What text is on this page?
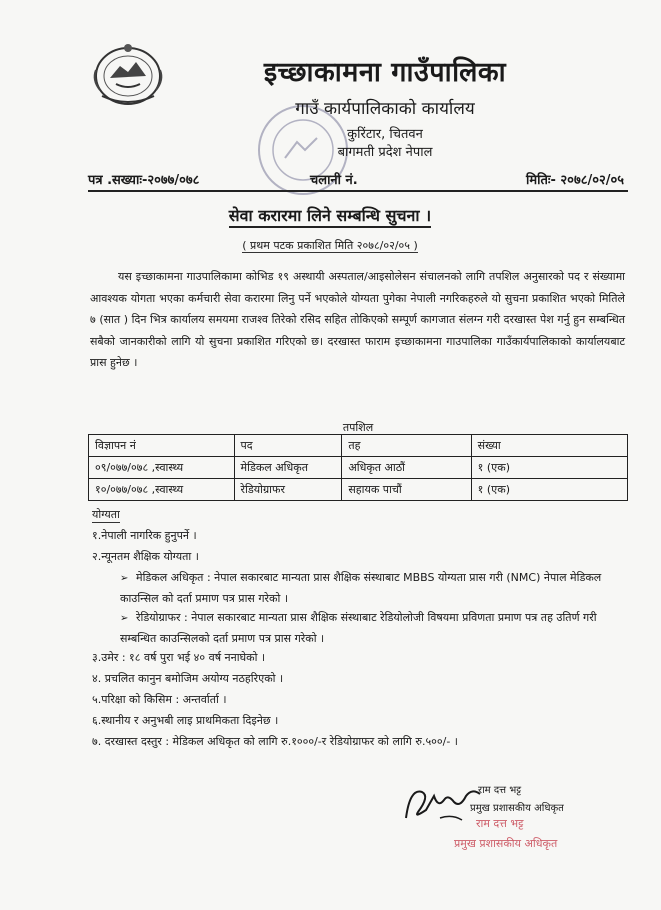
इच्छाकामना गाउँपालिका
गाउँ कार्यपालिकाको कार्यालय
कुरिंटार, चितवन
बागमती प्रदेश नेपाल
पत्र .सख्याः-२०७७/०७८	चलानी नं.	मितिः- २०७८/०२/०५
सेवा करारमा लिने सम्बन्धि सुचना ।
( प्रथम पटक प्रकाशित मिति २०७८/०२/०५ )
यस इच्छाकामना गाउपालिकामा कोभिड १९ अस्थायी अस्पताल/आइसोलेसन संचालनको लागि तपशिल अनुसारको पद र संख्यामा आवश्यक योगता भएका कर्मचारी सेवा करारमा लिनु पर्ने भएकोले योग्यता पुगेका नेपाली नगरिकहरुले यो सुचना प्रकाशित भएको मितिले ७ (सात ) दिन भित्र कार्यालय समयमा राजश्व तिरेको रसिद सहित तोकिएको सम्पूर्ण कागजात संलग्न गरी दरखास्त पेश गर्नु हुन सम्बन्धित सबैको जानकारीको लागि यो सुचना प्रकाशित गरिएको छ। दरखास्त फाराम इच्छाकामना गाउपालिका गाउँकार्यपालिकाको कार्यालयबाट प्रास हुनेछ ।
तपशिल
विज्ञापन नं	पद	तह	संख्या
०९/०७७/०७८ ,स्वास्थ्य	मेडिकल अधिकृत	अधिकृत आठौं	१ (एक)
१०/०७७/०७८ ,स्वास्थ्य	रेडियोग्राफर	सहायक पाचौं	१ (एक)
योग्यता
१.नेपाली नागरिक हुनुपर्ने ।
२.न्यूनतम शैक्षिक योग्यता ।
➢ मेडिकल अधिकृत : नेपाल सकारबाट मान्यता प्रास शैक्षिक संस्थाबाट MBBS योग्यता प्रास गरी (NMC) नेपाल मेडिकल काउन्सिल को दर्ता प्रमाण पत्र प्रास गरेको ।
➢ रेडियोग्राफर : नेपाल सकारबाट मान्यता प्रास शैक्षिक संस्थाबाट रेडियोलोजी विषयमा प्रविणता प्रमाण पत्र तह उतिर्ण गरी सम्बन्धित काउन्सिलको दर्ता प्रमाण पत्र प्रास गरेको ।
३.उमेर : १८ वर्ष पुरा भई ४० वर्ष ननाघेको ।
४. प्रचलित कानुन बमोजिम अयोग्य नठहरिएको ।
५.परिक्षा को किसिम : अन्तर्वार्ता ।
६.स्थानीय र अनुभबी लाइ प्राथमिकता दिइनेछ ।
७. दरखास्त दस्तुर : मेडिकल अधिकृत को लागि रु.१०००/-र रेडियोग्राफर को लागि रु.५००/- ।
राम दत्त भट्ट
प्रमुख प्रशासकीय अधिकृत
राम दत्त भट्ट
प्रमुख प्रशासकीय अधिकृत
